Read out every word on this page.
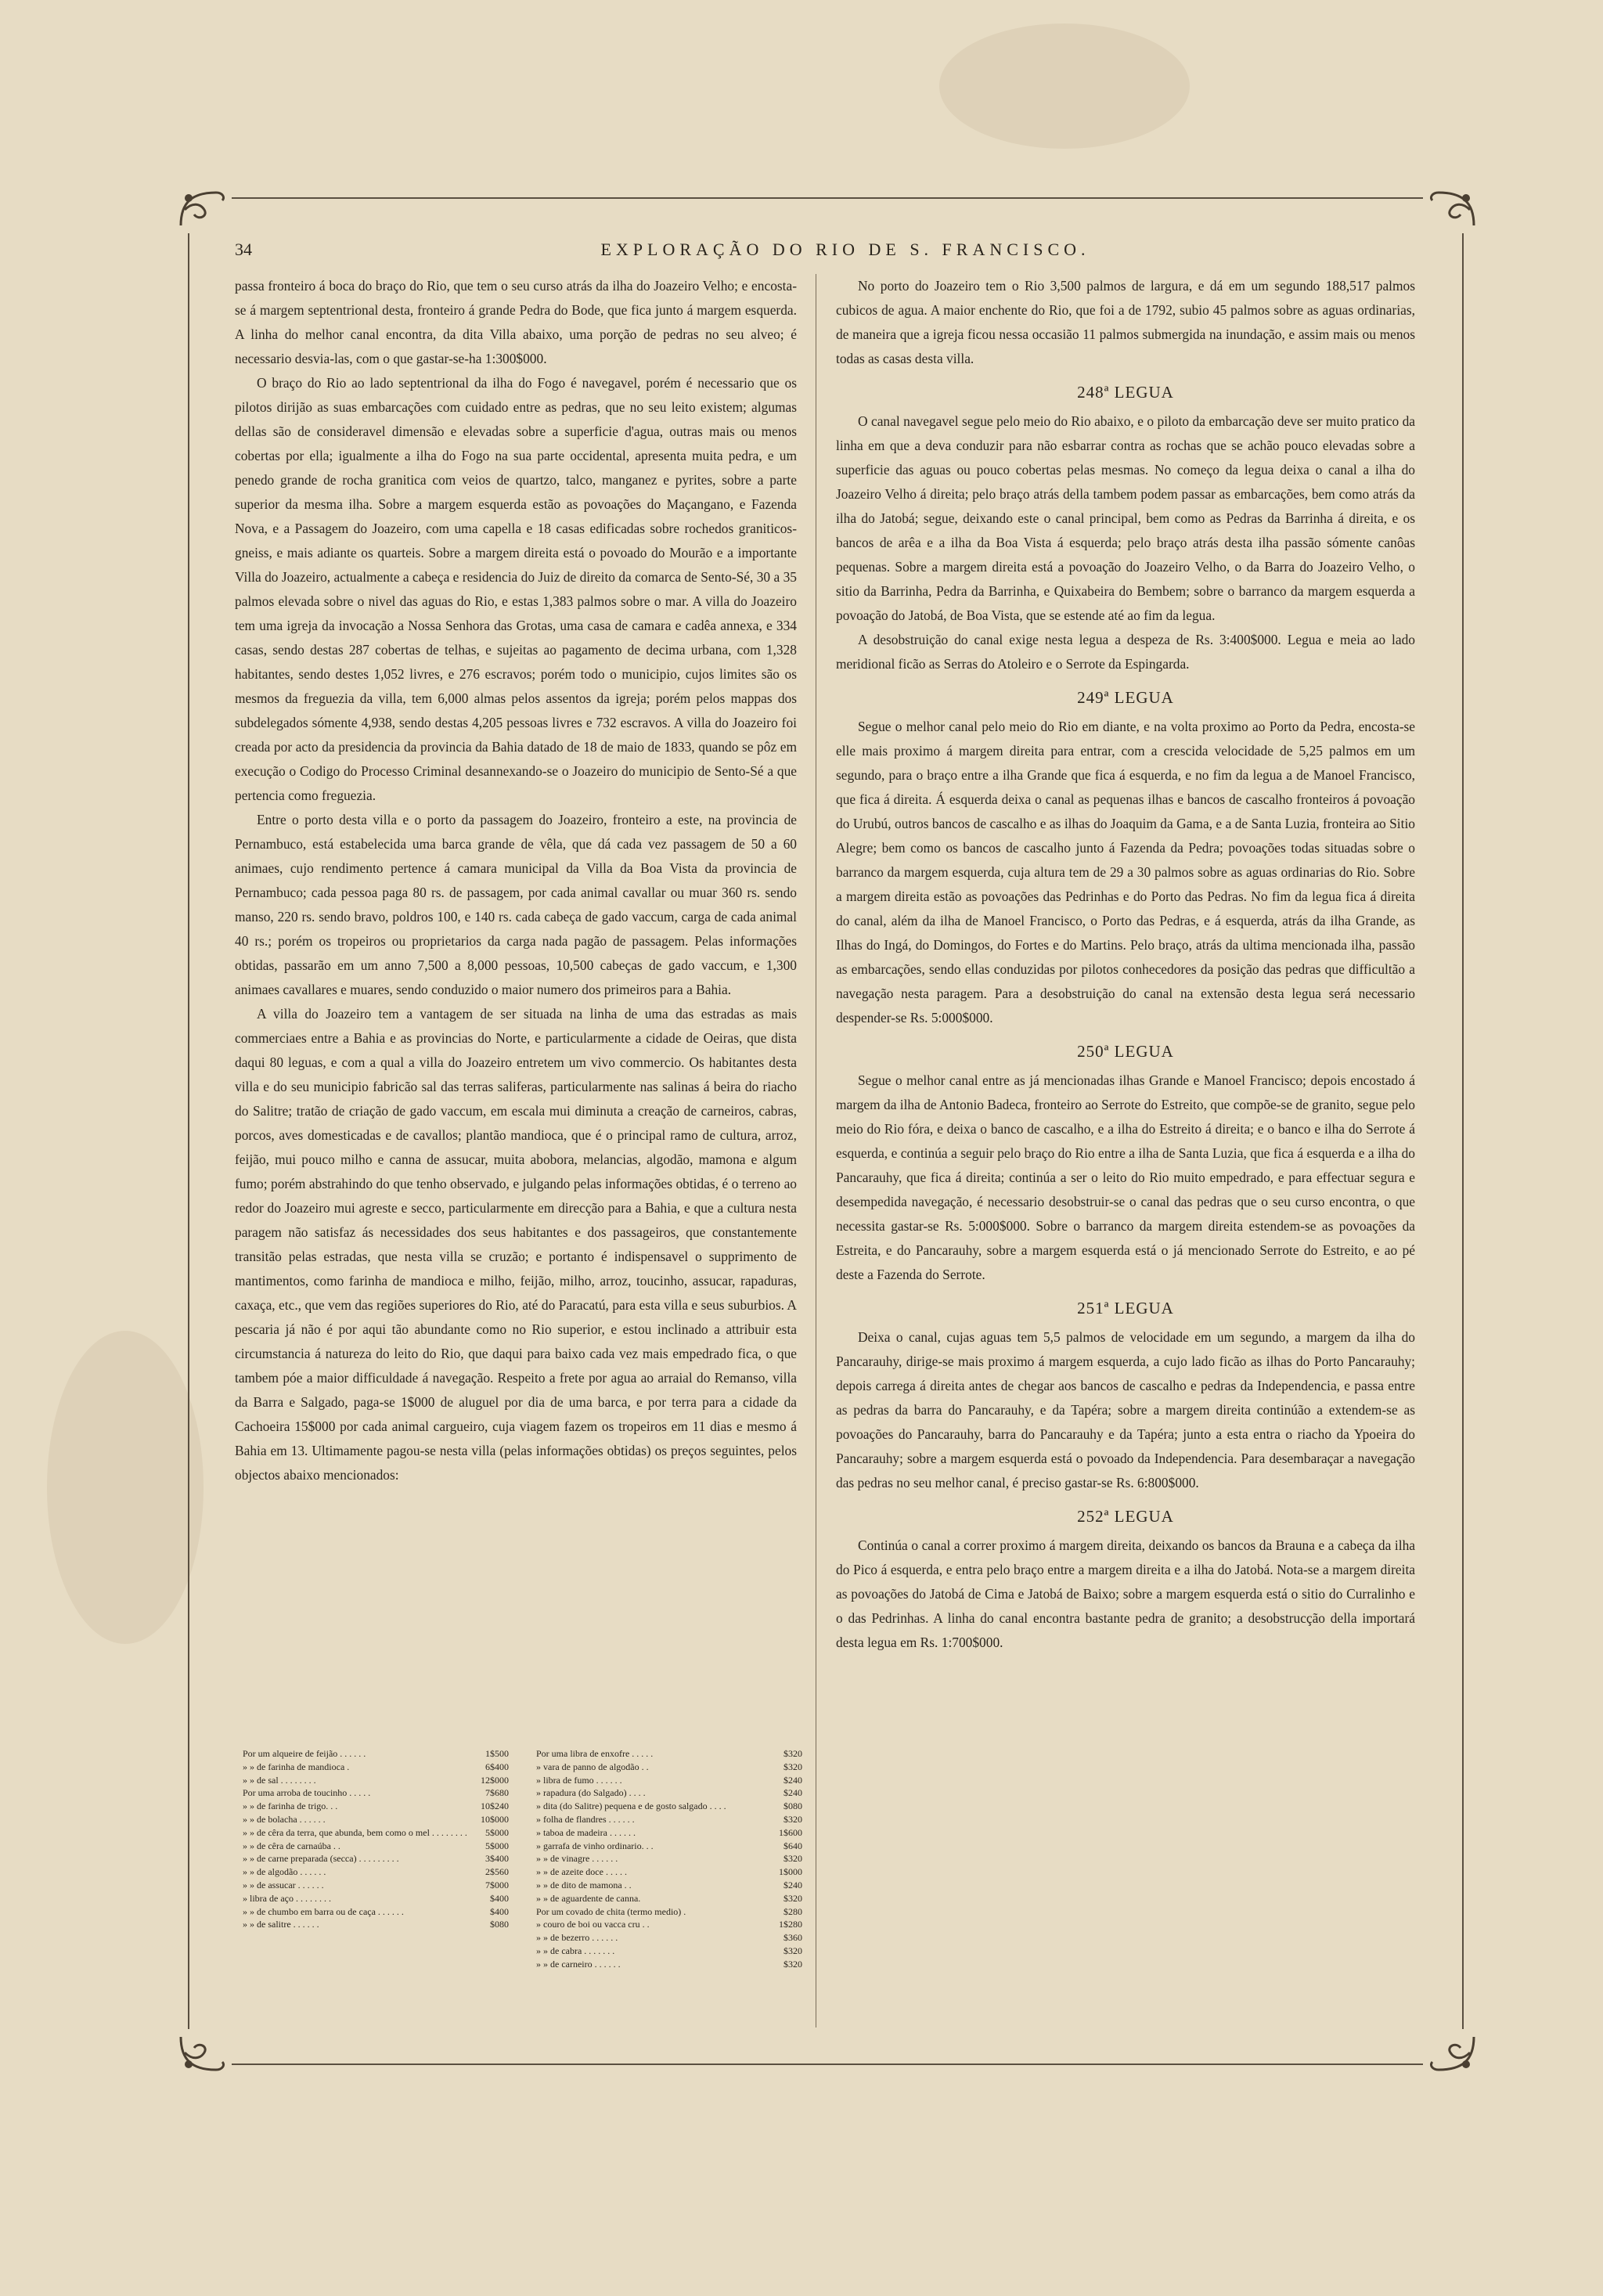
34	EXPLORAÇÃO DO RIO DE S. FRANCISCO.

passa fronteiro á boca do braço do Rio, que tem o seu curso atrás da ilha do Joazeiro Velho; e encosta-se á margem septentrional desta, fronteiro á grande Pedra do Bode, que fica junto á margem esquerda. A linha do melhor canal encontra, da dita Villa abaixo, uma porção de pedras no seu alveo; é necessario desvia-las, com o que gastar-se-ha 1:300$000.

O braço do Rio ao lado septentrional da ilha do Fogo é navegavel, porém é necessario que os pilotos dirijão as suas embarcações com cuidado entre as pedras, que no seu leito existem; algumas dellas são de consideravel dimensão e elevadas sobre a superficie d'agua, outras mais ou menos cobertas por ella; igualmente a ilha do Fogo na sua parte occidental, apresenta muita pedra, e um penedo grande de rocha granitica com veios de quartzo, talco, manganez e pyrites, sobre a parte superior da mesma ilha. Sobre a margem esquerda estão as povoações do Maçangano, e Fazenda Nova, e a Passagem do Joazeiro, com uma capella e 18 casas edificadas sobre rochedos graniticos-gneiss, e mais adiante os quarteis. Sobre a margem direita está o povoado do Mourão e a importante Villa do Joazeiro, actualmente a cabeça e residencia do Juiz de direito da comarca de Sento-Sé, 30 a 35 palmos elevada sobre o nivel das aguas do Rio, e estas 1,383 palmos sobre o mar. A villa do Joazeiro tem uma igreja da invocação a Nossa Senhora das Grotas, uma casa de camara e cadêa annexa, e 334 casas, sendo destas 287 cobertas de telhas, e sujeitas ao pagamento de decima urbana, com 1,328 habitantes, sendo destes 1,052 livres, e 276 escravos; porém todo o municipio, cujos limites são os mesmos da freguezia da villa, tem 6,000 almas pelos assentos da igreja; porém pelos mappas dos subdelegados sómente 4,938, sendo destas 4,205 pessoas livres e 732 escravos. A villa do Joazeiro foi creada por acto da presidencia da provincia da Bahia datado de 18 de maio de 1833, quando se pôz em execução o Codigo do Processo Criminal desannexando-se o Joazeiro do municipio de Sento-Sé a que pertencia como freguezia.

Entre o porto desta villa e o porto da passagem do Joazeiro, fronteiro a este, na provincia de Pernambuco, está estabelecida uma barca grande de vêla, que dá cada vez passagem de 50 a 60 animaes, cujo rendimento pertence á camara municipal da Villa da Boa Vista da provincia de Pernambuco; cada pessoa paga 80 rs. de passagem, por cada animal cavallar ou muar 360 rs. sendo manso, 220 rs. sendo bravo, poldros 100, e 140 rs. cada cabeça de gado vaccum, carga de cada animal 40 rs.; porém os tropeiros ou proprietarios da carga nada pagão de passagem. Pelas informações obtidas, passarão em um anno 7,500 a 8,000 pessoas, 10,500 cabeças de gado vaccum, e 1,300 animaes cavallares e muares, sendo conduzido o maior numero dos primeiros para a Bahia.

A villa do Joazeiro tem a vantagem de ser situada na linha de uma das estradas as mais commerciaes entre a Bahia e as provincias do Norte, e particularmente a cidade de Oeiras, que dista daqui 80 leguas, e com a qual a villa do Joazeiro entretem um vivo commercio. Os habitantes desta villa e do seu municipio fabricão sal das terras saliferas, particularmente nas salinas á beira do riacho do Salitre; tratão de criação de gado vaccum, em escala mui diminuta a creação de carneiros, cabras, porcos, aves domesticadas e de cavallos; plantão mandioca, que é o principal ramo de cultura, arroz, feijão, mui pouco milho e canna de assucar, muita abobora, melancias, algodão, mamona e algum fumo; porém abstrahindo do que tenho observado, e julgando pelas informações obtidas, é o terreno ao redor do Joazeiro mui agreste e secco, particularmente em direcção para a Bahia, e que a cultura nesta paragem não satisfaz ás necessidades dos seus habitantes e dos passageiros, que constantemente transitão pelas estradas, que nesta villa se cruzão; e portanto é indispensavel o supprimento de mantimentos, como farinha de mandioca e milho, feijão, milho, arroz, toucinho, assucar, rapaduras, caxaça, etc., que vem das regiões superiores do Rio, até do Paracatú, para esta villa e seus suburbios. A pescaria já não é por aqui tão abundante como no Rio superior, e estou inclinado a attribuir esta circumstancia á natureza do leito do Rio, que daqui para baixo cada vez mais empedrado fica, o que tambem póe a maior difficuldade á navegação. Respeito a frete por agua ao arraial do Remanso, villa da Barra e Salgado, paga-se 1$000 de aluguel por dia de uma barca, e por terra para a cidade da Cachoeira 15$000 por cada animal cargueiro, cuja viagem fazem os tropeiros em 11 dias e mesmo á Bahia em 13. Ultimamente pagou-se nesta villa (pelas informações obtidas) os preços seguintes, pelos objectos abaixo mencionados:

Por um alqueire de feijão . . . . . .	1$500
» » de farinha de mandioca .	6$400
» » de sal . . . . . . . .	12$000
Por uma arroba de toucinho . . . . .	7$680
» » de farinha de trigo. . .	10$240
» » de bolacha . . . . . .	10$000
» » de cêra da terra, que abunda, bem como o mel . . . . . . . .	5$000
» » de cêra de carnaúba . .	5$000
» » de carne preparada (secca) . . . . . . . . .	3$400
» » de algodão . . . . . .	2$560
» » de assucar . . . . . .	7$000
» libra de aço . . . . . . . .	$400
» » de chumbo em barra ou de caça . . . . . .	$400
» » de salitre . . . . . .	$080
Por uma libra de enxofre . . . . .	$320
» vara de panno de algodão . .	$320
» libra de fumo . . . . . .	$240
» rapadura (do Salgado) . . . .	$240
» dita (do Salitre) pequena e de gosto salgado . . . .	$080
» folha de flandres . . . . . .	$320
» taboa de madeira . . . . . .	1$600
» garrafa de vinho ordinario. . .	$640
» » de vinagre . . . . . .	$320
» » de azeite doce . . . . .	1$000
» » de dito de mamona . .	$240
» » de aguardente de canna.	$320
Por um covado de chita (termo medio) .	$280
» couro de boi ou vacca cru . .	1$280
» » de bezerro . . . . . .	$360
» » de cabra . . . . . . .	$320
» » de carneiro . . . . . .	$320

No porto do Joazeiro tem o Rio 3,500 palmos de largura, e dá em um segundo 188,517 palmos cubicos de agua. A maior enchente do Rio, que foi a de 1792, subio 45 palmos sobre as aguas ordinarias, de maneira que a igreja ficou nessa occasião 11 palmos submergida na inundação, e assim mais ou menos todas as casas desta villa.

248ª LEGUA

O canal navegavel segue pelo meio do Rio abaixo, e o piloto da embarcação deve ser muito pratico da linha em que a deva conduzir para não esbarrar contra as rochas que se achão pouco elevadas sobre a superficie das aguas ou pouco cobertas pelas mesmas. No começo da legua deixa o canal a ilha do Joazeiro Velho á direita; pelo braço atrás della tambem podem passar as embarcações, bem como atrás da ilha do Jatobá; segue, deixando este o canal principal, bem como as Pedras da Barrinha á direita, e os bancos de arêa e a ilha da Boa Vista á esquerda; pelo braço atrás desta ilha passão sómente canôas pequenas. Sobre a margem direita está a povoação do Joazeiro Velho, o da Barra do Joazeiro Velho, o sitio da Barrinha, Pedra da Barrinha, e Quixabeira do Bembem; sobre o barranco da margem esquerda a povoação do Jatobá, de Boa Vista, que se estende até ao fim da legua.

A desobstruição do canal exige nesta legua a despeza de Rs. 3:400$000. Legua e meia ao lado meridional ficão as Serras do Atoleiro e o Serrote da Espingarda.

249ª LEGUA

Segue o melhor canal pelo meio do Rio em diante, e na volta proximo ao Porto da Pedra, encosta-se elle mais proximo á margem direita para entrar, com a crescida velocidade de 5,25 palmos em um segundo, para o braço entre a ilha Grande que fica á esquerda, e no fim da legua a de Manoel Francisco, que fica á direita. Á esquerda deixa o canal as pequenas ilhas e bancos de cascalho fronteiros á povoação do Urubú, outros bancos de cascalho e as ilhas do Joaquim da Gama, e a de Santa Luzia, fronteira ao Sitio Alegre; bem como os bancos de cascalho junto á Fazenda da Pedra; povoações todas situadas sobre o barranco da margem esquerda, cuja altura tem de 29 a 30 palmos sobre as aguas ordinarias do Rio. Sobre a margem direita estão as povoações das Pedrinhas e do Porto das Pedras. No fim da legua fica á direita do canal, além da ilha de Manoel Francisco, o Porto das Pedras, e á esquerda, atrás da ilha Grande, as Ilhas do Ingá, do Domingos, do Fortes e do Martins. Pelo braço, atrás da ultima mencionada ilha, passão as embarcações, sendo ellas conduzidas por pilotos conhecedores da posição das pedras que difficultão a navegação nesta paragem. Para a desobstruição do canal na extensão desta legua será necessario despender-se Rs. 5:000$000.

250ª LEGUA

Segue o melhor canal entre as já mencionadas ilhas Grande e Manoel Francisco; depois encostado á margem da ilha de Antonio Badeca, fronteiro ao Serrote do Estreito, que compõe-se de granito, segue pelo meio do Rio fóra, e deixa o banco de cascalho, e a ilha do Estreito á direita; e o banco e ilha do Serrote á esquerda, e continúa a seguir pelo braço do Rio entre a ilha de Santa Luzia, que fica á esquerda e a ilha do Pancarauhy, que fica á direita; continúa a ser o leito do Rio muito empedrado, e para effectuar segura e desempedida navegação, é necessario desobstruir-se o canal das pedras que o seu curso encontra, o que necessita gastar-se Rs. 5:000$000. Sobre o barranco da margem direita estendem-se as povoações da Estreita, e do Pancarauhy, sobre a margem esquerda está o já mencionado Serrote do Estreito, e ao pé deste a Fazenda do Serrote.

251ª LEGUA

Deixa o canal, cujas aguas tem 5,5 palmos de velocidade em um segundo, a margem da ilha do Pancarauhy, dirige-se mais proximo á margem esquerda, a cujo lado ficão as ilhas do Porto Pancarauhy; depois carrega á direita antes de chegar aos bancos de cascalho e pedras da Independencia, e passa entre as pedras da barra do Pancarauhy, e da Tapéra; sobre a margem direita continúão a extendem-se as povoações do Pancarauhy, barra do Pancarauhy e da Tapéra; junto a esta entra o riacho da Ypoeira do Pancarauhy; sobre a margem esquerda está o povoado da Independencia. Para desembaraçar a navegação das pedras no seu melhor canal, é preciso gastar-se Rs. 6:800$000.

252ª LEGUA

Continúa o canal a correr proximo á margem direita, deixando os bancos da Brauna e a cabeça da ilha do Pico á esquerda, e entra pelo braço entre a margem direita e a ilha do Jatobá. Nota-se a margem direita as povoações do Jatobá de Cima e Jatobá de Baixo; sobre a margem esquerda está o sitio do Curralinho e o das Pedrinhas. A linha do canal encontra bastante pedra de granito; a desobstrucção della importará desta legua em Rs. 1:700$000.
